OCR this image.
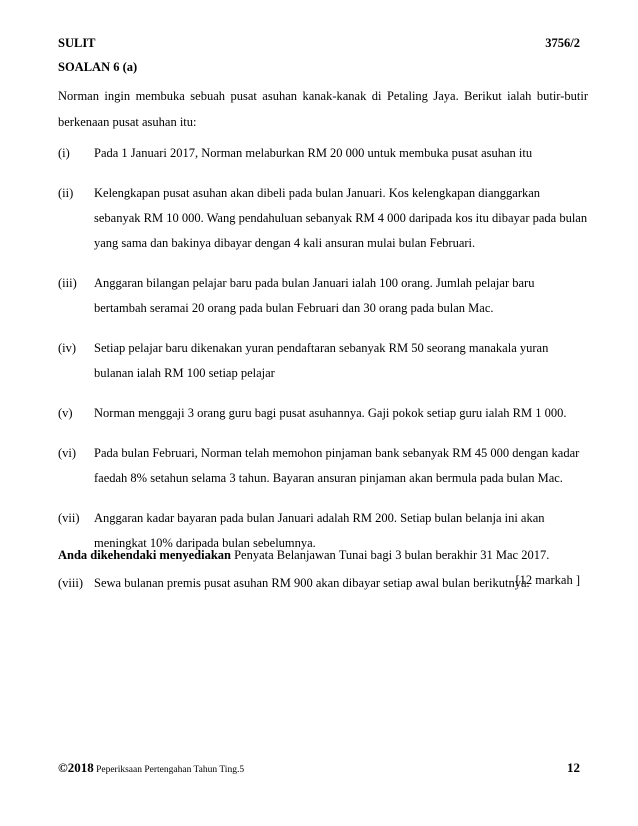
SULIT	3756/2
SOALAN 6 (a)
Norman ingin membuka sebuah pusat asuhan kanak-kanak di Petaling Jaya. Berikut ialah butir-butir berkenaan pusat asuhan itu:
(i)	Pada 1 Januari 2017, Norman melaburkan RM 20 000 untuk membuka pusat asuhan itu
(ii)	Kelengkapan pusat asuhan akan dibeli pada bulan Januari. Kos kelengkapan dianggarkan sebanyak RM 10 000. Wang pendahuluan sebanyak RM 4 000 daripada kos itu dibayar pada bulan yang sama dan bakinya dibayar dengan 4 kali ansuran mulai bulan Februari.
(iii)	Anggaran bilangan pelajar baru pada bulan Januari ialah 100 orang. Jumlah pelajar baru bertambah seramai 20 orang pada bulan Februari dan 30 orang pada bulan Mac.
(iv)	Setiap pelajar baru dikenakan yuran pendaftaran sebanyak RM 50 seorang manakala yuran bulanan ialah RM 100 setiap pelajar
(v)	Norman menggaji 3 orang guru bagi pusat asuhannya. Gaji pokok setiap guru ialah RM 1 000.
(vi)	Pada bulan Februari, Norman telah memohon pinjaman bank sebanyak RM 45 000 dengan kadar faedah 8% setahun selama 3 tahun. Bayaran ansuran pinjaman akan bermula pada bulan Mac.
(vii)	Anggaran kadar bayaran pada bulan Januari adalah RM 200. Setiap bulan belanja ini akan meningkat 10% daripada bulan sebelumnya.
(viii) Sewa bulanan premis pusat asuhan RM 900 akan dibayar setiap awal bulan berikutnya.
Anda dikehendaki menyediakan Penyata Belanjawan Tunai bagi 3 bulan berakhir 31 Mac 2017.
[12 markah ]
©2018 Peperiksaan Pertengahan Tahun Ting.5	12
